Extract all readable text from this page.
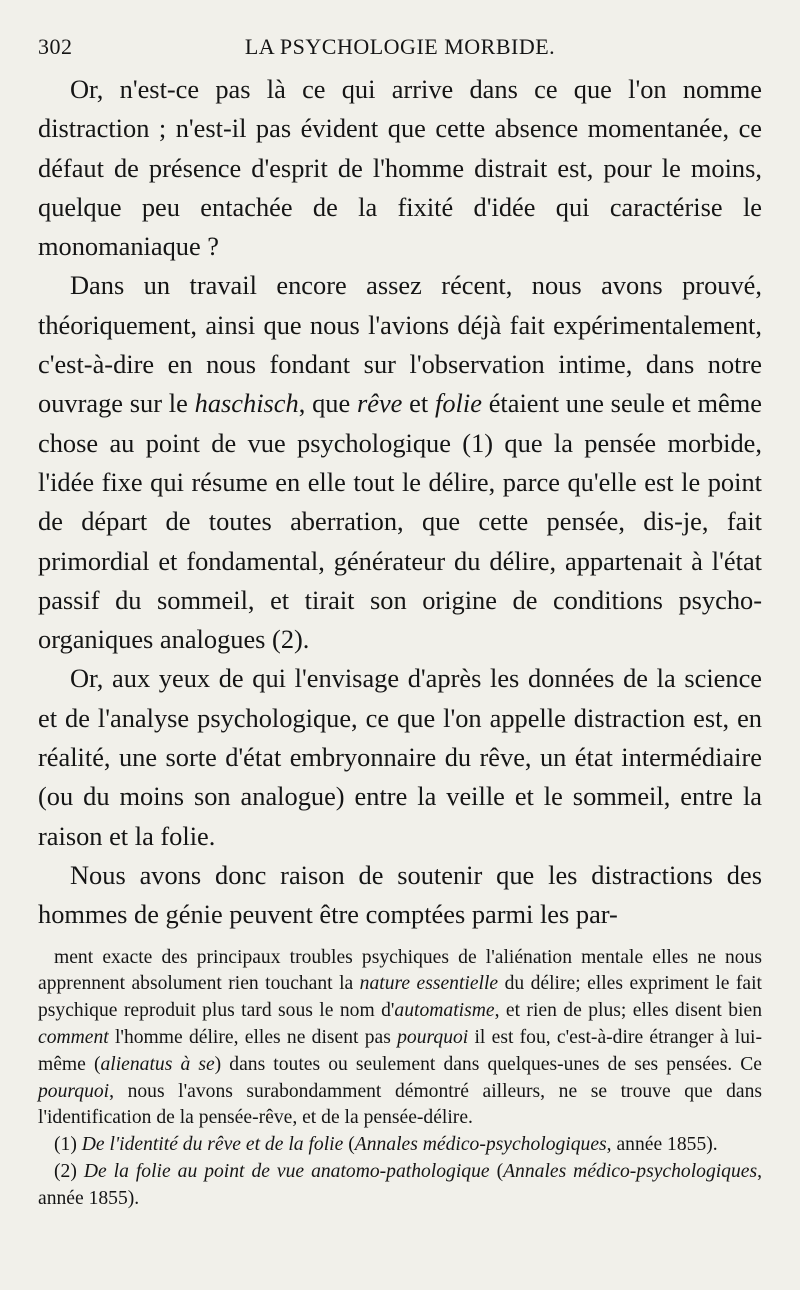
302	LA PSYCHOLOGIE MORBIDE.

Or, n'est-ce pas là ce qui arrive dans ce que l'on nomme distraction ; n'est-il pas évident que cette absence momentanée, ce défaut de présence d'esprit de l'homme distrait est, pour le moins, quelque peu entachée de la fixité d'idée qui caractérise le monomaniaque ?

Dans un travail encore assez récent, nous avons prouvé, théoriquement, ainsi que nous l'avions déjà fait expérimentalement, c'est-à-dire en nous fondant sur l'observation intime, dans notre ouvrage sur le haschisch, que rêve et folie étaient une seule et même chose au point de vue psychologique (1) que la pensée morbide, l'idée fixe qui résume en elle tout le délire, parce qu'elle est le point de départ de toutes aberration, que cette pensée, dis-je, fait primordial et fondamental, générateur du délire, appartenait à l'état passif du sommeil, et tirait son origine de conditions psycho-organiques analogues (2).

Or, aux yeux de qui l'envisage d'après les données de la science et de l'analyse psychologique, ce que l'on appelle distraction est, en réalité, une sorte d'état embryonnaire du rêve, un état intermédiaire (ou du moins son analogue) entre la veille et le sommeil, entre la raison et la folie.

Nous avons donc raison de soutenir que les distractions des hommes de génie peuvent être comptées parmi les par-

ment exacte des principaux troubles psychiques de l'aliénation mentale elles ne nous apprennent absolument rien touchant la nature essentielle du délire; elles expriment le fait psychique reproduit plus tard sous le nom d'automatisme, et rien de plus; elles disent bien comment l'homme délire, elles ne disent pas pourquoi il est fou, c'est-à-dire étranger à lui-même (alienatus à se) dans toutes ou seulement dans quelques-unes de ses pensées. Ce pourquoi, nous l'avons surabondamment démontré ailleurs, ne se trouve que dans l'identification de la pensée-rêve, et de la pensée-délire.

(1) De l'identité du rêve et de la folie (Annales médico-psychologiques, année 1855).

(2) De la folie au point de vue anatomo-pathologique (Annales médico-psychologiques, année 1855).
